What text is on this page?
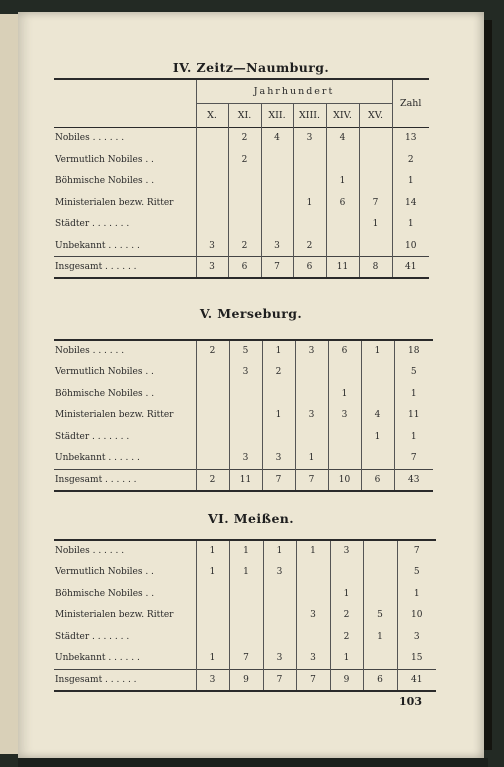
IV. Zeitz—Naumburg.
	Jahrhundert						Zahl
	X.	XI.	XII.	XIII.	XIV.	XV.	

Nobiles . . . . . .		2	4	3	4		13
Vermutlich Nobiles . .		2					2
Böhmische Nobiles . .					1		1
Ministerialen bezw. Ritter				1	6	7	14
Städter . . . . . . .						1	1
Unbekannt . . . . . .	3	2	3	2			10
Insgesamt . . . . . .	3	6	7	6	11	8	41
V. Merseburg.
Nobiles . . . . . .	2	5	1	3	6	1	18
Vermutlich Nobiles . .		3	2				5
Böhmische Nobiles . .					1		1
Ministerialen bezw. Ritter			1	3	3	4	11
Städter . . . . . . .						1	1
Unbekannt . . . . . .		3	3	1			7
Insgesamt . . . . . .	2	11	7	7	10	6	43
VI. Meißen.
Nobiles . . . . . .	1	1	1	1	3		7
Vermutlich Nobiles . .	1	1	3				5
Böhmische Nobiles . .					1		1
Ministerialen bezw. Ritter				3	2	5	10
Städter . . . . . . .					2	1	3
Unbekannt . . . . . .	1	7	3	3	1		15
Insgesamt . . . . . .	3	9	7	7	9	6	41
103
